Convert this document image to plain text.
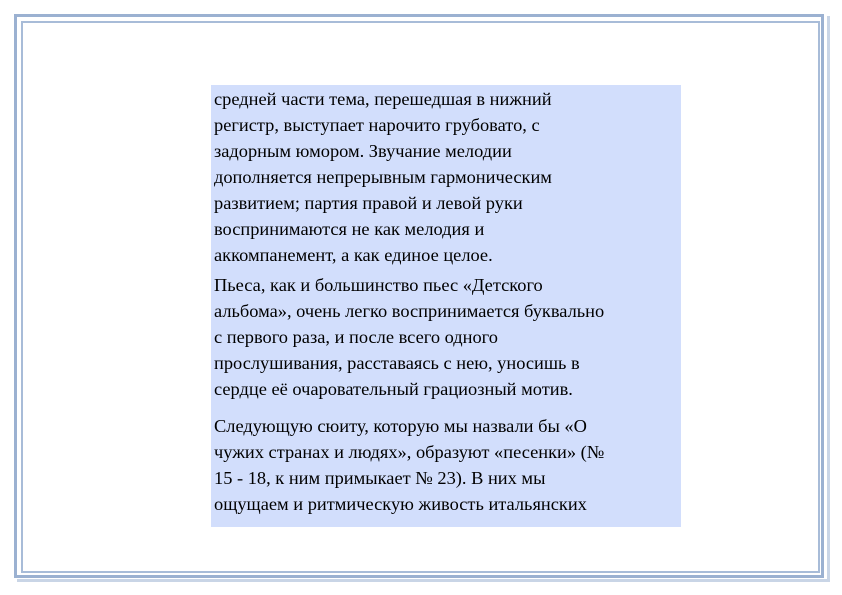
средней части тема, перешедшая в нижний
регистр, выступает нарочито грубовато, с
задорным юмором. Звучание мелодии
дополняется непрерывным гармоническим
развитием; партия правой и левой руки
воспринимаются не как мелодия и
аккомпанемент, а как единое целое.

Пьеса, как и большинство пьес «Детского
альбома», очень легко воспринимается буквально
с первого раза, и после всего одного
прослушивания, расставаясь с нею, уносишь в
сердце её очаровательный грациозный мотив.

Следующую сюиту, которую мы назвали бы «О
чужих странах и людях», образуют «песенки» (№
15 - 18, к ним примыкает № 23). В них мы
ощущаем и ритмическую живость итальянских
